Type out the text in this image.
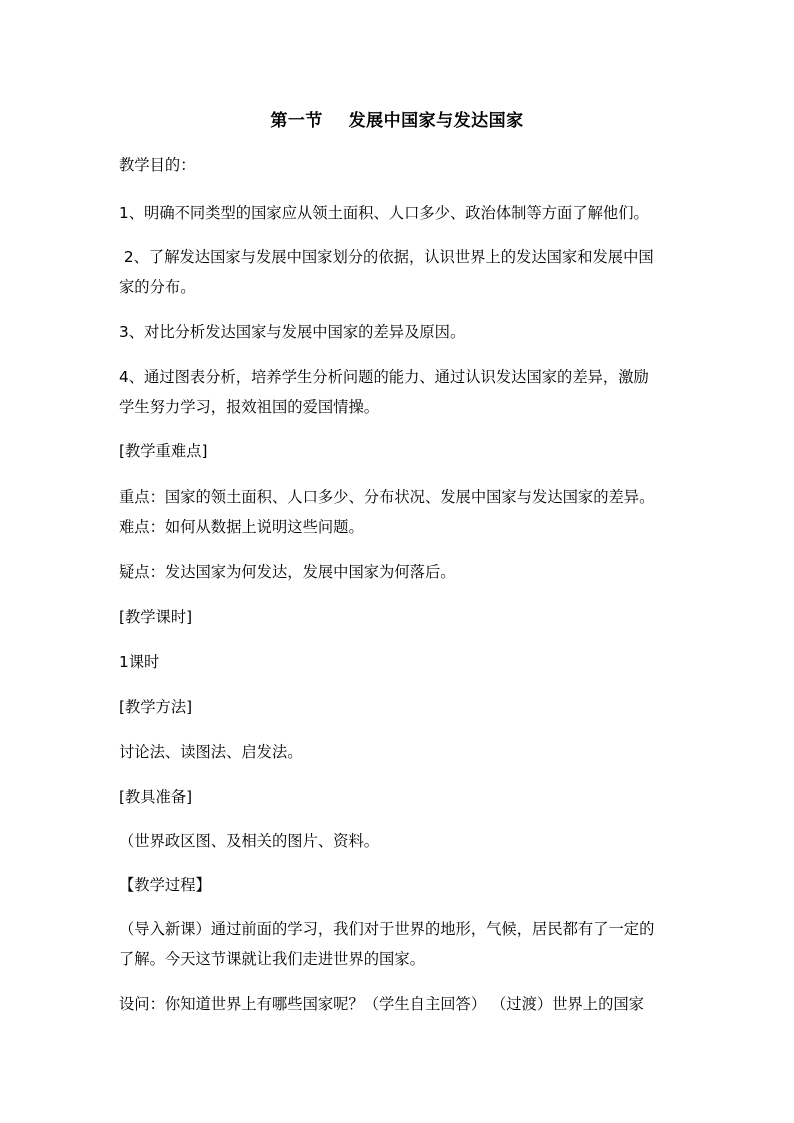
第一节    发展中国家与发达国家
教学目的：
1、明确不同类型的国家应从领土面积、人口多少、政治体制等方面了解他们。
2、了解发达国家与发展中国家划分的依据，认识世界上的发达国家和发展中国
家的分布。
3、对比分析发达国家与发展中国家的差异及原因。
4、通过图表分析，培养学生分析问题的能力、通过认识发达国家的差异，激励
学生努力学习，报效祖国的爱国情操。
[教学重难点]
重点：国家的领土面积、人口多少、分布状况、发展中国家与发达国家的差异。
难点：如何从数据上说明这些问题。
疑点：发达国家为何发达，发展中国家为何落后。
[教学课时]
1课时
[教学方法]
讨论法、读图法、启发法。
[教具准备]
（世界政区图、及相关的图片、资料。
【教学过程】
（导入新课）通过前面的学习，我们对于世界的地形，气候，居民都有了一定的
了解。今天这节课就让我们走进世界的国家。
设问：你知道世界上有哪些国家呢？（学生自主回答） （过渡）世界上的国家
